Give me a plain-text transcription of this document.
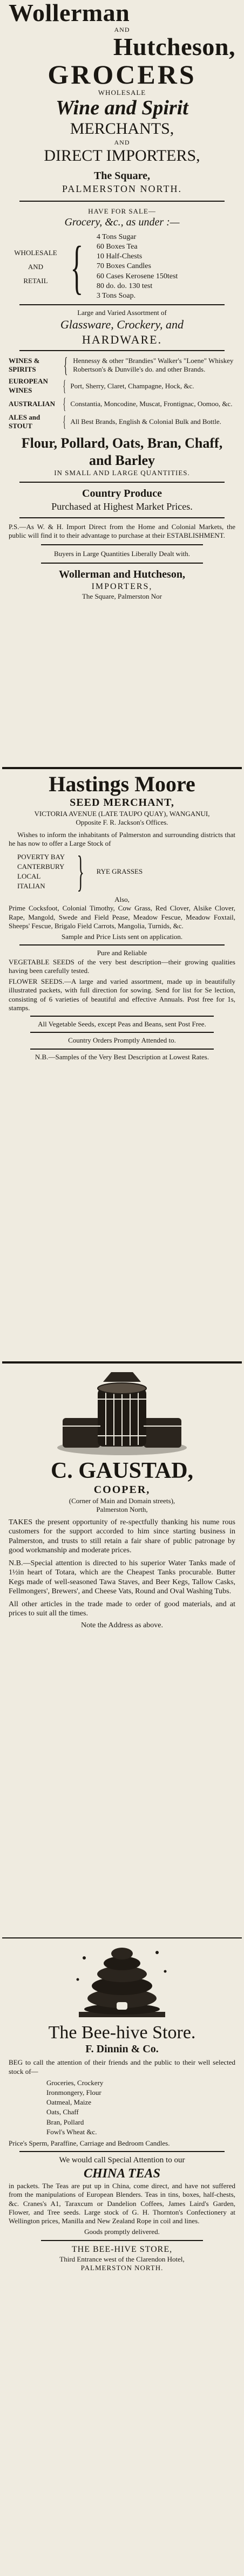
Wollerman

AND

Hutcheson,

GROCERS

WHOLESALE

Wine and Spirit

MERCHANTS,

AND

DIRECT IMPORTERS,

The Square,

PALMERSTON NORTH.

HAVE FOR SALE—

Grocery, &c., as under :—

WHOLESALE
AND
RETAIL { 4 Tons Sugar
60 Boxes Tea
10 Half-Chests
70 Boxes Candles
60 Cases Kerosene 150test
80 do. do. 130 test
3 Tons Soap.

Large and Varied Assortment of

Glassware, Crockery, and

HARDWARE.

WINES & SPIRITS	{ Hennessy & other "Brandies" Walker's "Loene" Whiskey Robertson's & Dunville's do. and other Brands.
EUROPEAN WINES	{ Port, Sherry, Claret, Champagne, Hock, &c.
AUSTRALIAN { Constantia, Moncodine, Muscat, Frontignac, Oomoo, &c.
ALES and STOUT	{ All Best Brands, English & Colonial Bulk and Bottle.

Flour, Pollard, Oats, Bran, Chaff, and Barley

IN SMALL AND LARGE QUANTITIES.

Country Produce

Purchased at Highest Market Prices.

P.S.—As W. & H. Import Direct from the Home and Colonial Markets, the public will find it to their advantage to purchase at their ESTABLISHMENT.

Buyers in Large Quantities Liberally Dealt with.

Wollerman and Hutcheson,

IMPORTERS,

The Square, Palmerston Nor

Hastings Moore

SEED MERCHANT,

VICTORIA AVENUE (LATE TAUPO QUAY), WANGANUI,

Opposite F. R. Jackson's Offices.

Wishes to inform the inhabitants of Palmerston and surrounding districts that he has now to offer a Large Stock of

POVERTY BAY
CANTERBURY
LOCAL
ITALIAN } RYE GRASSES

Also,

Prime Cocksfoot, Colonial Timothy, Cow Grass, Red Clover, Alsike Clover, Rape, Mangold, Swede and Field Pease, Meadow Fescue, Meadow Foxtail, Sheeps' Fescue, Brigalo Field Carrots, Mangolia, Turnids, &c.

Sample and Price Lists sent on application.

Pure and Reliable

VEGETABLE SEEDS of the very best description—their growing qualities having been carefully tested.

FLOWER SEEDS.—A large and varied assortment, made up in beautifully illustrated packets, with full direction for sowing. Send for list for Se lection, consisting of 6 varieties of beautiful and effective Annuals. Post free for 1s, stamps.

All Vegetable Seeds, except Peas and Beans, sent Post Free.

Country Orders Promptly Attended to.

N.B.—Samples of the Very Best Description at Lowest Rates.

C. GAUSTAD,

COOPER,

(Corner of Main and Domain streets),

Palmerston North,

TAKES the present opportunity of re-spectfully thanking his nume rous customers for the support accorded to him since starting business in Palmerston, and trusts to still retain a fair share of public patronage by good workmanship and moderate prices.

N.B.—Special attention is directed to his superior Water Tanks made of 1½in heart of Totara, which are the Cheapest Tanks procurable. Butter Kegs made of well-seasoned Tawa Staves, and Beer Kegs, Tallow Casks, Fellmongers', Brewers', and Cheese Vats, Round and Oval Washing Tubs.

All other articles in the trade made to order of good materials, and at prices to suit all the times.

Note the Address as above.

The Bee-hive Store.

F. Dinnin & Co.

BEG to call the attention of their friends and the public to their well selected stock of—

Groceries, Crockery
Ironmongery, Flour
Oatmeal, Maize
Oats, Chaff
Bran, Pollard
Fowl's Wheat &c.

Price's Sperm, Paraffine, Carriage and Bedroom Candles.

We would call Special Attention to our

CHINA TEAS

in packets. The Teas are put up in China, come direct, and have not suffered from the manipulations of European Blenders. Teas in tins, boxes, half-chests, &c. Cranes's A1, Taraxcum or Dandelion Coffees, James Laird's Garden, Flower, and Tree seeds. Large stock of G. H. Thornton's Confectionery at Wellington prices, Manilla and New Zealand Rope in coil and lines.

Goods promptly delivered.

THE BEE-HIVE STORE,

Third Entrance west of the Clarendon Hotel,

PALMERSTON NORTH.
